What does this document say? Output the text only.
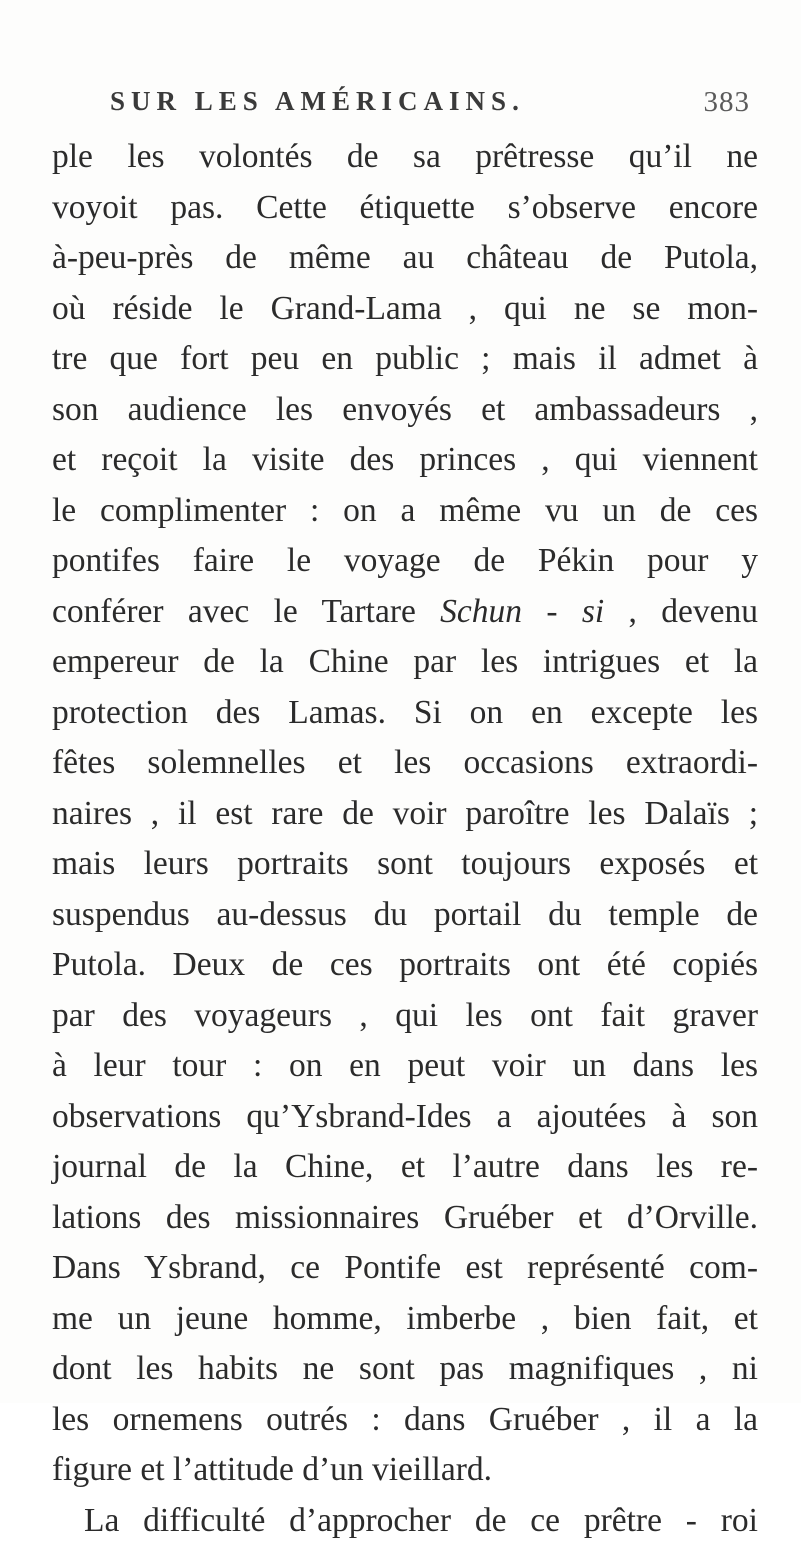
SUR LES AMÉRICAINS.	383
ple les volontés de sa prêtresse qu’il ne
voyoit pas. Cette étiquette s’observe encore
à-peu-près de même au château de Putola,
où réside le Grand-Lama , qui ne se mon-
tre que fort peu en public ; mais il admet à
son audience les envoyés et ambassadeurs ,
et reçoit la visite des princes , qui viennent
le complimenter : on a même vu un de ces
pontifes faire le voyage de Pékin pour y
conférer avec le Tartare Schun - si , devenu
empereur de la Chine par les intrigues et la
protection des Lamas. Si on en excepte les
fêtes solemnelles et les occasions extraordi-
naires , il est rare de voir paroître les Dalaïs ;
mais leurs portraits sont toujours exposés et
suspendus au-dessus du portail du temple de
Putola. Deux de ces portraits ont été copiés
par des voyageurs , qui les ont fait graver
à leur tour : on en peut voir un dans les
observations qu’Ysbrand-Ides a ajoutées à son
journal de la Chine, et l’autre dans les re-
lations des missionnaires Gruéber et d’Orville.
Dans Ysbrand, ce Pontife est représenté com-
me un jeune homme, imberbe , bien fait, et
dont les habits ne sont pas magnifiques , ni
les ornemens outrés : dans Gruéber , il a la
figure et l’attitude d’un vieillard.
La difficulté d’approcher de ce prêtre - roi
